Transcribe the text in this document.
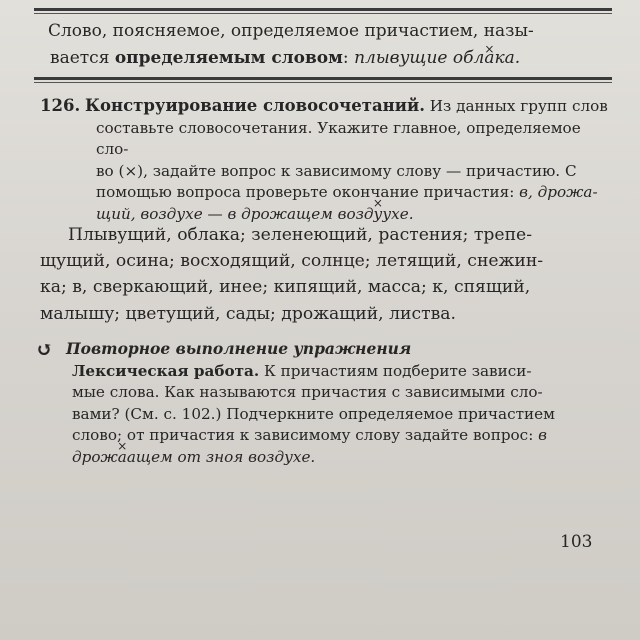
Слово, поясняемое, определяемое причастием, назы-
вается определяемым словом: плывущие обла ×ка.
126. Конструирование словосочетаний. Из данных групп слов
составьте словосочетания. Укажите главное, определяемое сло-
во (×), задайте вопрос к зависимому слову — причастию. С
помощью вопроса проверьте окончание причастия: в, дрожа-
щий, воздухе — в дрожащем возду ×ухе.
Плывущий, облака; зеленеющий, растения; трепе-
щущий, осина; восходящий, солнце; летящий, снежин-
ка; в, сверкающий, инее; кипящий, масса; к, спящий,
малышу; цветущий, сады; дрожащий, листва.
↺ Повторное выполнение упражнения
Лексическая работа. К причастиям подберите зависи-
мые слова. Как называются причастия с зависимыми сло-
вами? (См. с. 102.) Подчеркните определяемое причастием
слово; от причастия к зависимому слову задайте вопрос: в
дрожа ×ащем от зноя воздухе.
103
